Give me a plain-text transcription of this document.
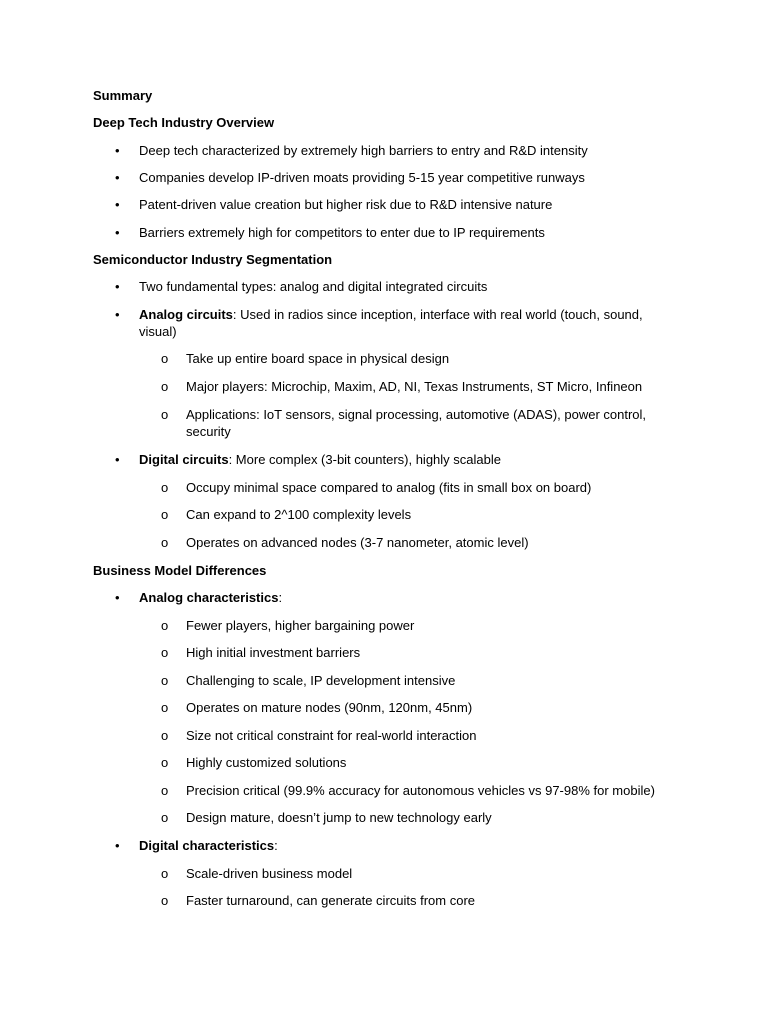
Summary
Deep Tech Industry Overview
• Deep tech characterized by extremely high barriers to entry and R&D intensity
• Companies develop IP-driven moats providing 5-15 year competitive runways
• Patent-driven value creation but higher risk due to R&D intensive nature
• Barriers extremely high for competitors to enter due to IP requirements
Semiconductor Industry Segmentation
• Two fundamental types: analog and digital integrated circuits
• Analog circuits: Used in radios since inception, interface with real world (touch, sound, visual)
o Take up entire board space in physical design
o Major players: Microchip, Maxim, AD, NI, Texas Instruments, ST Micro, Infineon
o Applications: IoT sensors, signal processing, automotive (ADAS), power control, security
• Digital circuits: More complex (3-bit counters), highly scalable
o Occupy minimal space compared to analog (fits in small box on board)
o Can expand to 2^100 complexity levels
o Operates on advanced nodes (3-7 nanometer, atomic level)
Business Model Differences
• Analog characteristics:
o Fewer players, higher bargaining power
o High initial investment barriers
o Challenging to scale, IP development intensive
o Operates on mature nodes (90nm, 120nm, 45nm)
o Size not critical constraint for real-world interaction
o Highly customized solutions
o Precision critical (99.9% accuracy for autonomous vehicles vs 97-98% for mobile)
o Design mature, doesn’t jump to new technology early
• Digital characteristics:
o Scale-driven business model
o Faster turnaround, can generate circuits from core
